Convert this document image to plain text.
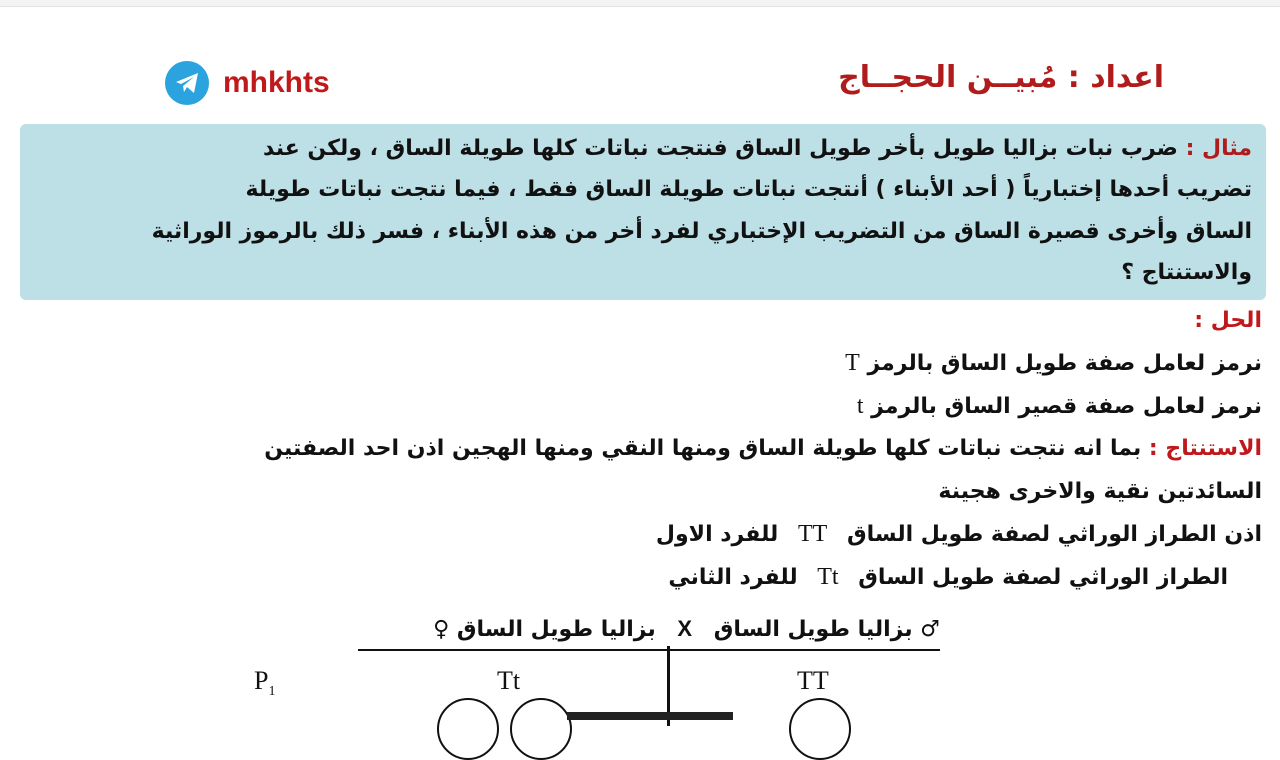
اعداد : مُبيــن الحجــاج
mhkhts
مثال : ضرب نبات بزاليا طويل بأخر طويل الساق فنتجت نباتات كلها طويلة الساق ، ولكن عند
تضريب أحدها إختبارياً ( أحد الأبناء ) أنتجت نباتات طويلة الساق فقط ، فيما نتجت نباتات طويلة
الساق وأخرى قصيرة الساق من التضريب الإختباري لفرد أخر من هذه الأبناء ، فسر ذلك بالرموز الوراثية
والاستنتاج ؟
الحل :
نرمز لعامل صفة طويل الساق بالرمز T
نرمز لعامل صفة قصير الساق بالرمز t
الاستنتاج : بما انه نتجت نباتات كلها طويلة الساق ومنها النقي ومنها الهجين اذن احد الصفتين
السائدتين نقية والاخرى هجينة
اذن الطراز الوراثي لصفة طويل الساق TT للفرد الاول
الطراز الوراثي لصفة طويل الساق Tt للفرد الثاني
♂ بزاليا طويل الساق X بزاليا طويل الساق ♀
$P_1$	Tt	TT
